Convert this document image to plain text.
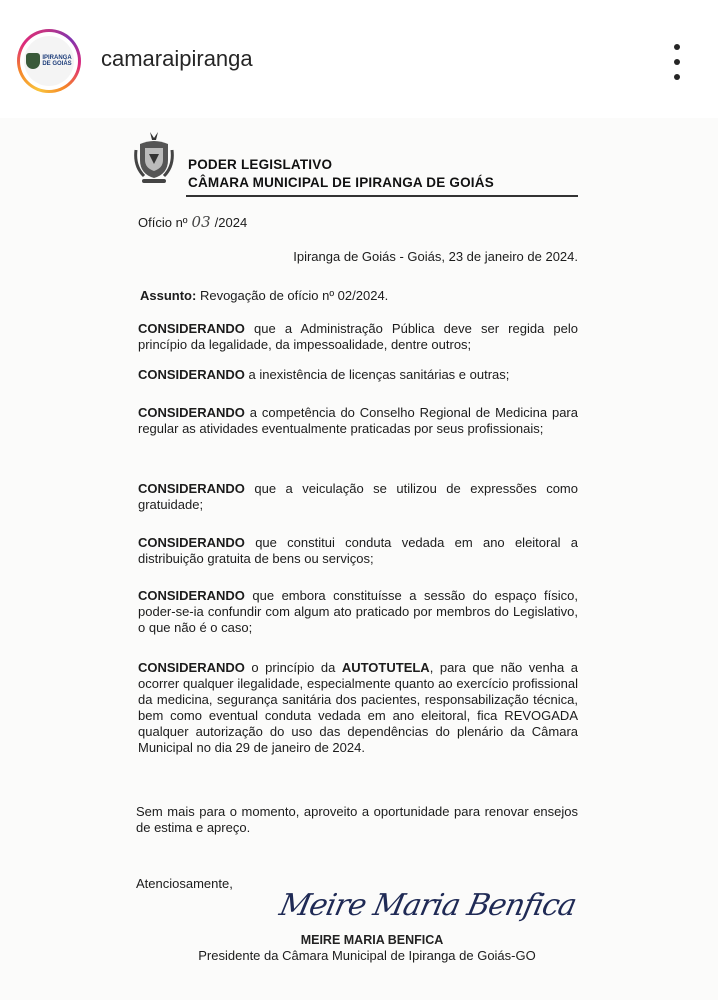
IPIRANGA
DE GOIÁS camaraipiranga
PODER LEGISLATIVO
CÂMARA MUNICIPAL DE IPIRANGA DE GOIÁS
Ofício nº 03 /2024
Ipiranga de Goiás - Goiás, 23 de janeiro de 2024.
Assunto: Revogação de ofício nº 02/2024.
CONSIDERANDO que a Administração Pública deve ser regida pelo princípio da legalidade, da impessoalidade, dentre outros;
CONSIDERANDO a inexistência de licenças sanitárias e outras;
CONSIDERANDO a competência do Conselho Regional de Medicina para regular as atividades eventualmente praticadas por seus profissionais;
CONSIDERANDO que a veiculação se utilizou de expressões como gratuidade;
CONSIDERANDO que constitui conduta vedada em ano eleitoral a distribuição gratuita de bens ou serviços;
CONSIDERANDO que embora constituísse a sessão do espaço físico, poder-se-ia confundir com algum ato praticado por membros do Legislativo, o que não é o caso;
CONSIDERANDO o princípio da AUTOTUTELA, para que não venha a ocorrer qualquer ilegalidade, especialmente quanto ao exercício profissional da medicina, segurança sanitária dos pacientes, responsabilização técnica, bem como eventual conduta vedada em ano eleitoral, fica REVOGADA qualquer autorização do uso das dependências do plenário da Câmara Municipal no dia 29 de janeiro de 2024.
Sem mais para o momento, aproveito a oportunidade para renovar ensejos de estima e apreço.
Atenciosamente,
Meire Maria Benfica
MEIRE MARIA BENFICA
Presidente da Câmara Municipal de Ipiranga de Goiás-GO
